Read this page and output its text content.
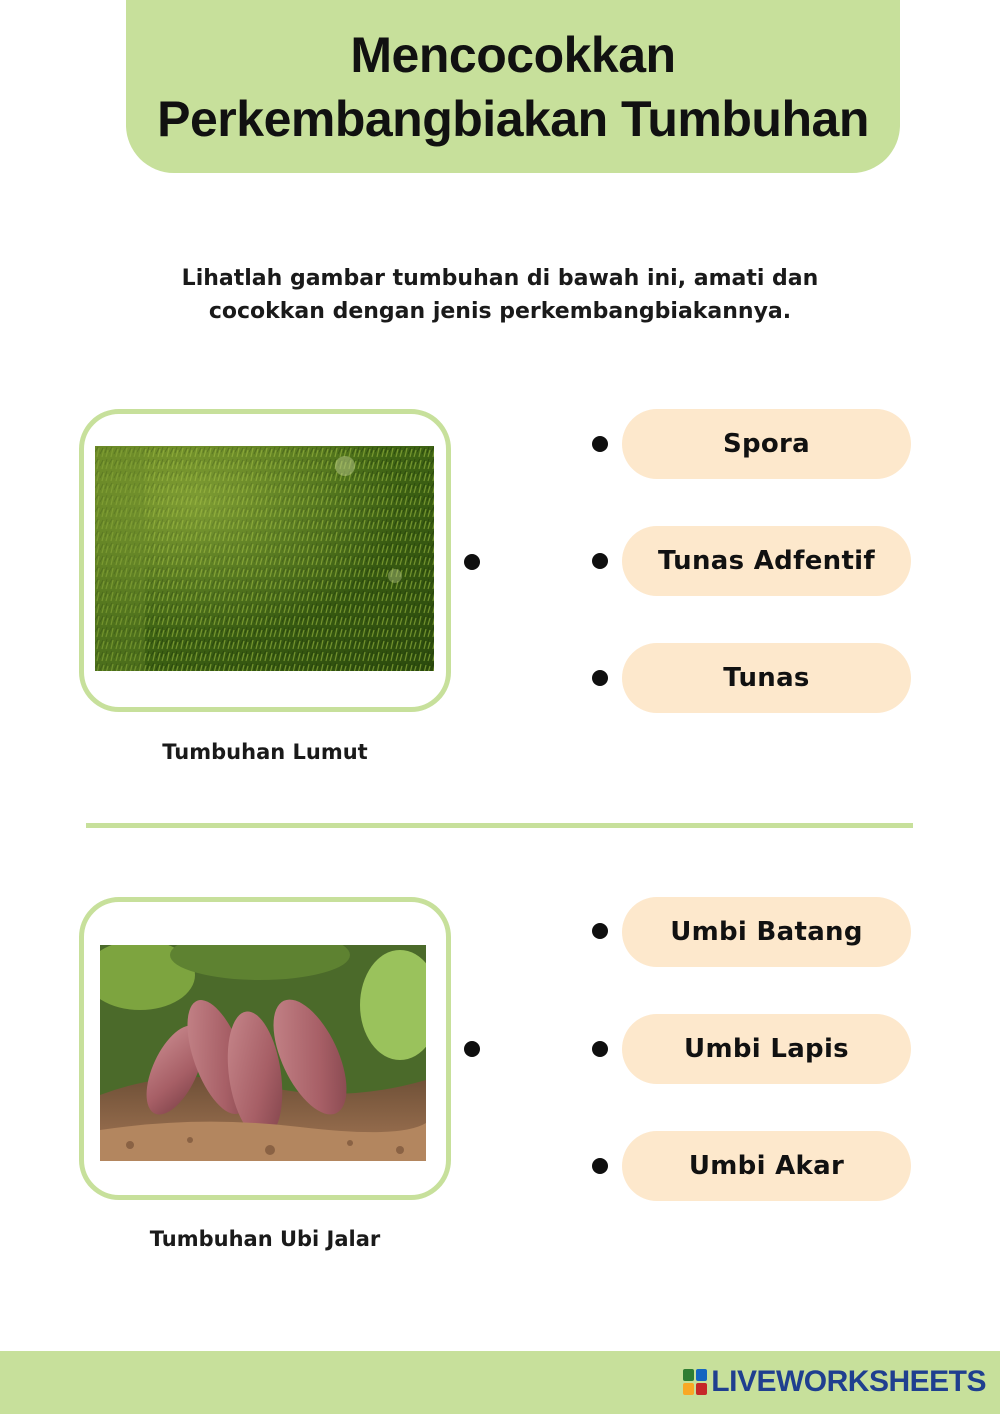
Mencocokkan Perkembangbiakan Tumbuhan

Lihatlah gambar tumbuhan di bawah ini, amati dan cocokkan dengan jenis perkembangbiakannya.

Tumbuhan Lumut
Spora
Tunas Adfentif
Tunas
Tumbuhan Ubi Jalar
Umbi Batang
Umbi Lapis
Umbi Akar
LIVEWORKSHEETS
